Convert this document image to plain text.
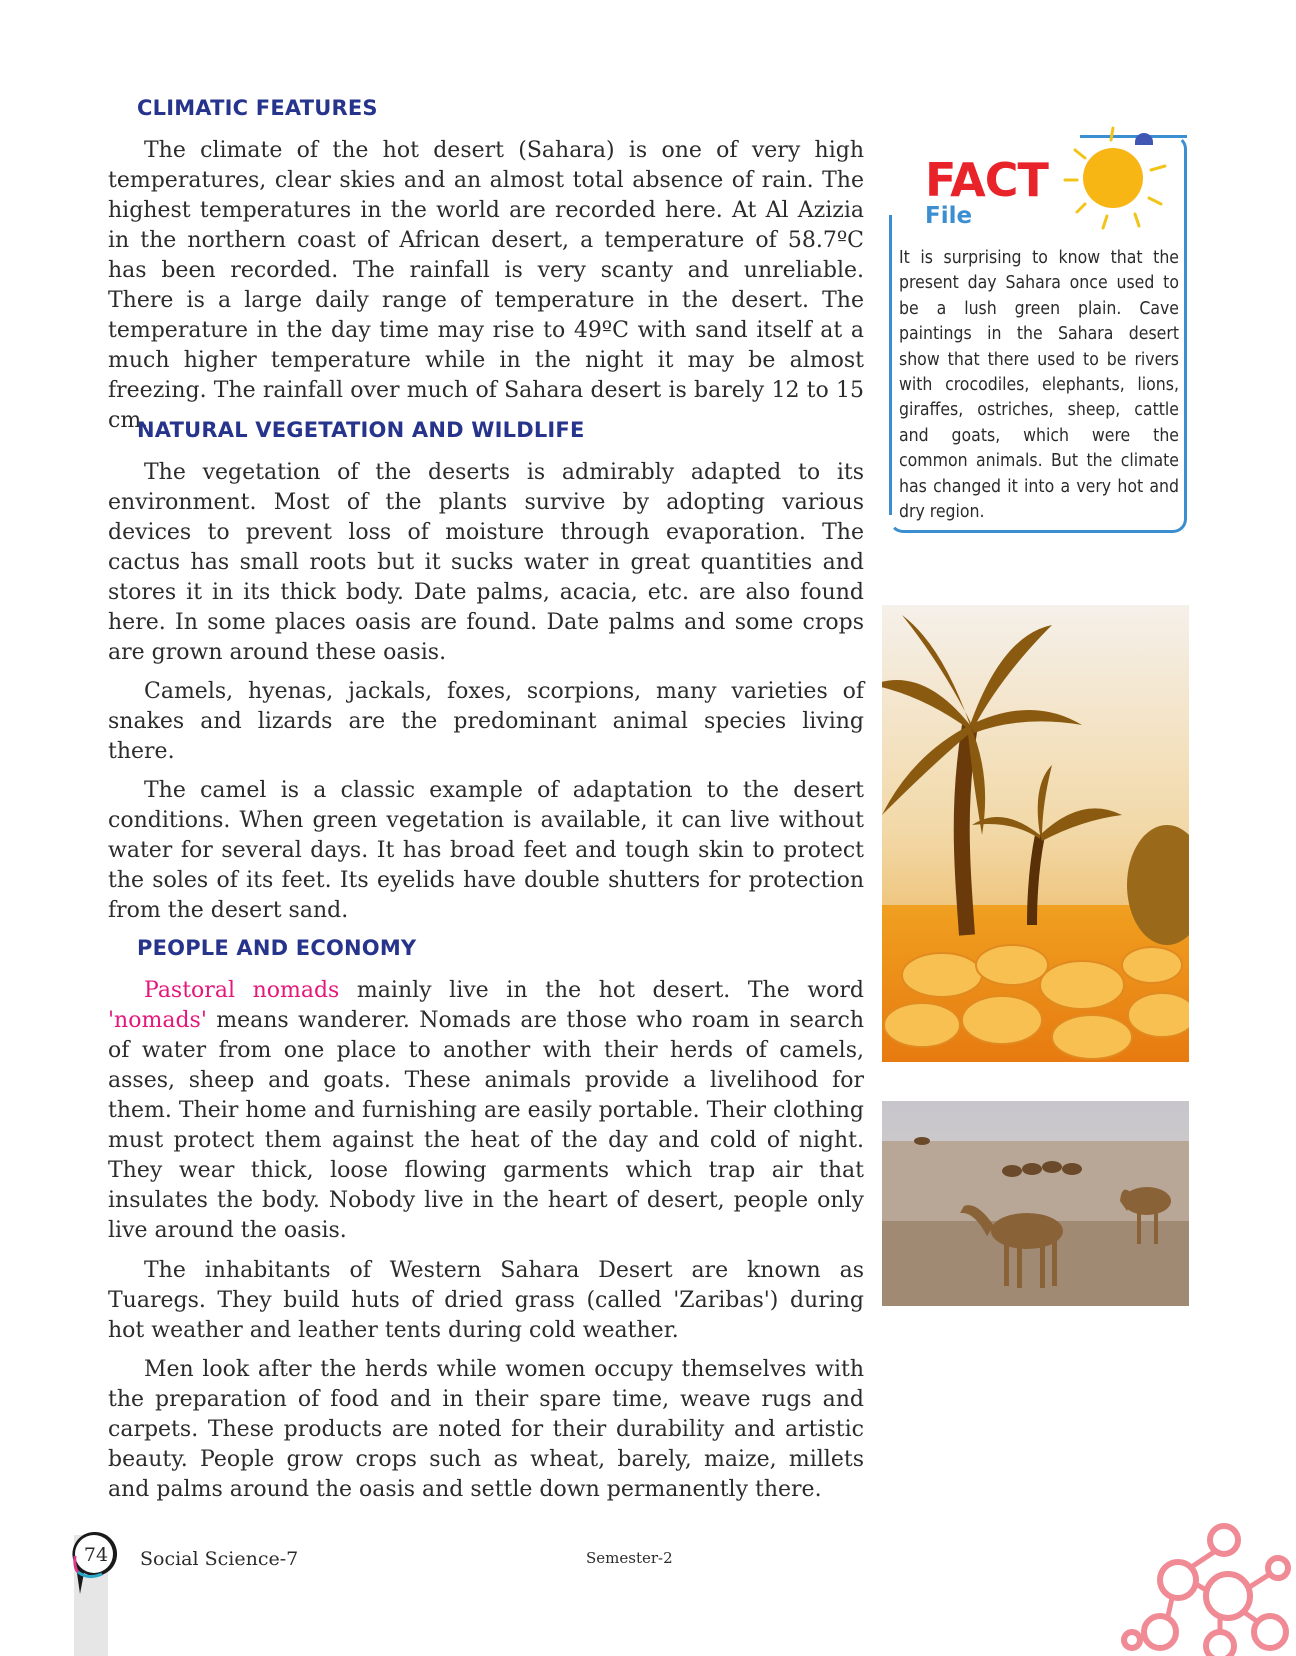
CLIMATIC FEATURES

The climate of the hot desert (Sahara) is one of very high temperatures, clear skies and an almost total absence of rain. The highest temperatures in the world are recorded here. At Al Azizia in the northern coast of African desert, a temperature of 58.7ºC has been recorded. The rainfall is very scanty and unreliable. There is a large daily range of temperature in the desert. The temperature in the day time may rise to 49ºC with sand itself at a much higher temperature while in the night it may be almost freezing. The rainfall over much of Sahara desert is barely 12 to 15 cm.

NATURAL VEGETATION AND WILDLIFE

The vegetation of the deserts is admirably adapted to its environment. Most of the plants survive by adopting various devices to prevent loss of moisture through evaporation. The cactus has small roots but it sucks water in great quantities and stores it in its thick body. Date palms, acacia, etc. are also found here. In some places oasis are found. Date palms and some crops are grown around these oasis.

Camels, hyenas, jackals, foxes, scorpions, many varieties of snakes and lizards are the predominant animal species living there.

The camel is a classic example of adaptation to the desert conditions. When green vegetation is available, it can live without water for several days. It has broad feet and tough skin to protect the soles of its feet. Its eyelids have double shutters for protection from the desert sand.

PEOPLE AND ECONOMY

Pastoral nomads mainly live in the hot desert. The word 'nomads' means wanderer. Nomads are those who roam in search of water from one place to another with their herds of camels, asses, sheep and goats. These animals provide a livelihood for them. Their home and furnishing are easily portable. Their clothing must protect them against the heat of the day and cold of night. They wear thick, loose flowing garments which trap air that insulates the body. Nobody live in the heart of desert, people only live around the oasis.

The inhabitants of Western Sahara Desert are known as Tuaregs. They build huts of dried grass (called 'Zaribas') during hot weather and leather tents during cold weather.

Men look after the herds while women occupy themselves with the preparation of food and in their spare time, weave rugs and carpets. These products are noted for their durability and artistic beauty. People grow crops such as wheat, barely, maize, millets and palms around the oasis and settle down permanently there.

FACT

File

It is surprising to know that the present day Sahara once used to be a lush green plain. Cave paintings in the Sahara desert show that there used to be rivers with crocodiles, elephants, lions, giraffes, ostriches, sheep, cattle and goats, which were the common animals. But the climate has changed it into a very hot and dry region.

74 Social Science-7	Semester-2
